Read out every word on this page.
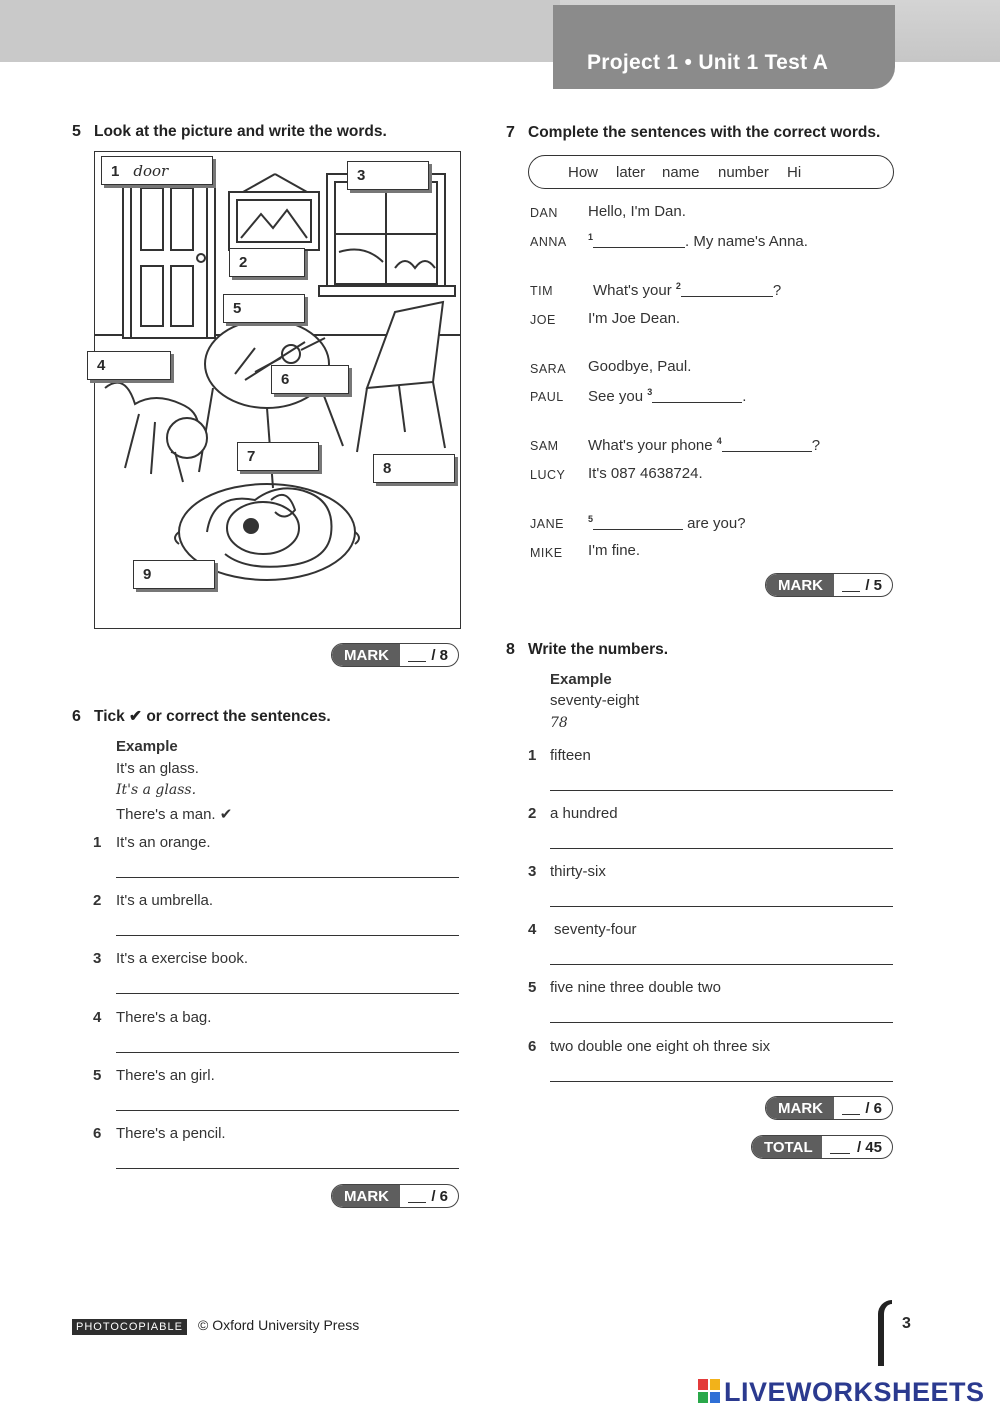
Project 1 • Unit 1 Test A
5 Look at the picture and write the words.
1 door
2
3
4
5
6
7
8
9
MARK	/ 8
6 Tick ✔ or correct the sentences.
Example
It's an glass.
It's a glass.
There's a man. ✔
1 It's an orange.
2 It's a umbrella.
3 It's a exercise book.
4 There's a bag.
5 There's an girl.
6 There's a pencil.
MARK	/ 6
7 Complete the sentences with the correct words.
How later name number Hi
DAN Hello, I'm Dan.
ANNA $^1$	. My name's Anna.
TIM	What's your $^2$	?
JOE I'm Joe Dean.
SARA Goodbye, Paul.
PAUL See you $^3$	.
SAM What's your phone $^4$	?
LUCY It's 087 4638724.
JANE	$^5$	are you?
MIKE I'm fine.
MARK	/ 5
8 Write the numbers.
Example
seventy-eight
78
1 fifteen
2 a hundred
3 thirty-six
4 seventy-four
5 five nine three double two
6 two double one eight oh three six
MARK	/ 6
TOTAL	/ 45
PHOTOCOPIABLE © Oxford University Press	3
LIVEWORKSHEETS
